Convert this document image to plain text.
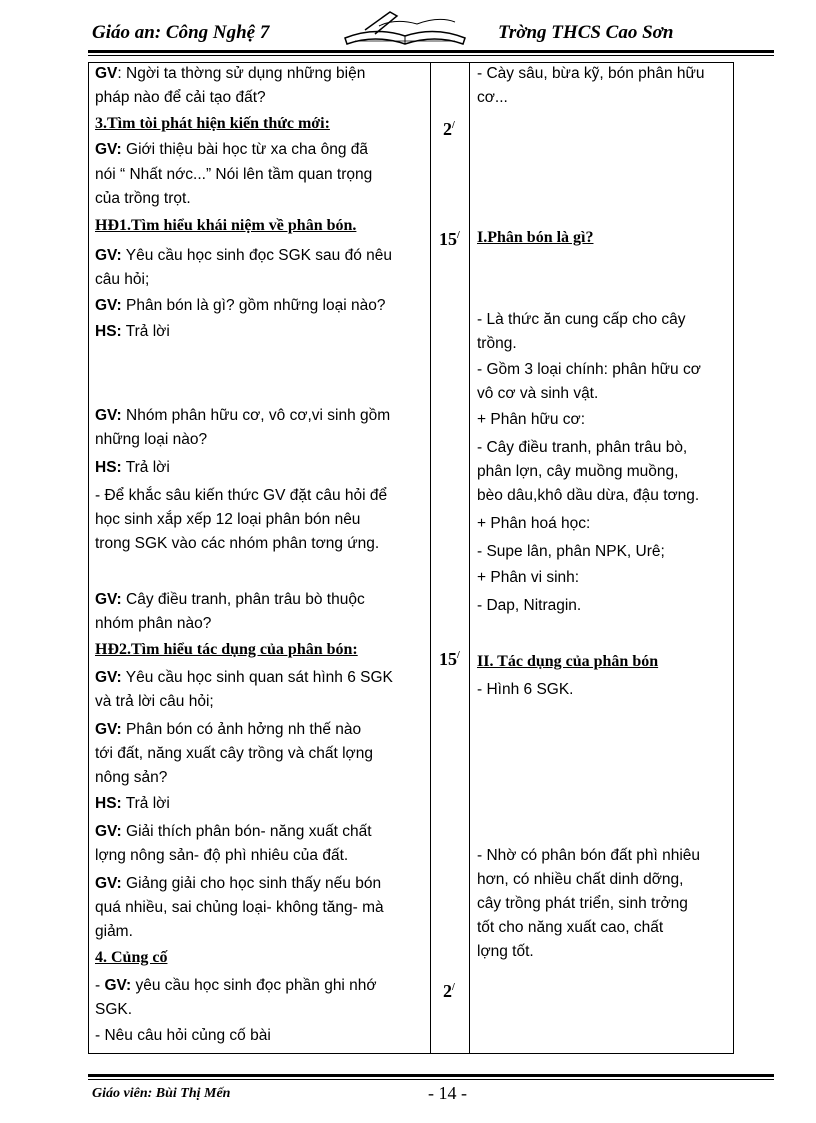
Giáo an: Công Nghệ 7	Trờng THCS Cao Sơn
GV: Ngời ta thờng sử dụng những biện
pháp nào để cải tạo đất?
3.Tìm tòi phát hiện kiến thức mới:
GV: Giới thiệu bài học từ xa cha ông đã
nói “ Nhất nớc...” Nói lên tầm quan trọng
của trồng trọt.
HĐ1.Tìm hiểu khái niệm về phân bón.
GV: Yêu cầu học sinh đọc SGK sau đó nêu
câu hỏi;
GV: Phân bón là gì? gồm những loại nào?
HS: Trả lời
GV: Nhóm phân hữu cơ, vô cơ,vi sinh gồm
những loại nào?
HS: Trả lời
- Để khắc sâu kiến thức GV đặt câu hỏi để
học sinh xắp xếp 12 loại phân bón nêu
trong SGK vào các nhóm phân tơng ứng.
GV: Cây điều tranh, phân trâu bò thuộc
nhóm phân nào?
HĐ2.Tìm hiểu tác dụng của phân bón:
GV: Yêu cầu học sinh quan sát hình 6 SGK
và trả lời câu hỏi;
GV: Phân bón có ảnh hởng nh thế nào
tới đất, năng xuất cây trồng và chất lợng
nông sản?
HS: Trả lời
GV: Giải thích phân bón- năng xuất chất
lợng nông sản- độ phì nhiêu của đất.
GV: Giảng giải cho học sinh thấy nếu bón
quá nhiều, sai chủng loại- không tăng- mà
giảm.
4. Củng cố
- GV: yêu cầu học sinh đọc phần ghi nhớ
SGK.
- Nêu câu hỏi củng cố bài
2/
15/
15/
2/
- Cày sâu, bừa kỹ, bón phân hữu
cơ...
I.Phân bón là gì?
- Là thức ăn cung cấp cho cây
trồng.
- Gồm 3 loại chính: phân hữu cơ
vô cơ và sinh vật.
+ Phân hữu cơ:
- Cây điều tranh, phân trâu bò,
phân lợn, cây muồng muồng,
bèo dâu,khô dầu dừa, đậu tơng.
+ Phân hoá học:
- Supe lân, phân NPK, Urê;
+ Phân vi sinh:
- Dap, Nitragin.
II. Tác dụng của phân bón
- Hình 6 SGK.
- Nhờ có phân bón đất phì nhiêu
hơn, có nhiều chất dinh dỡng,
cây trồng phát triển, sinh trởng
tốt cho năng xuất cao, chất
lợng tốt.
Giáo viên: Bùi Thị Mến	- 14 -
